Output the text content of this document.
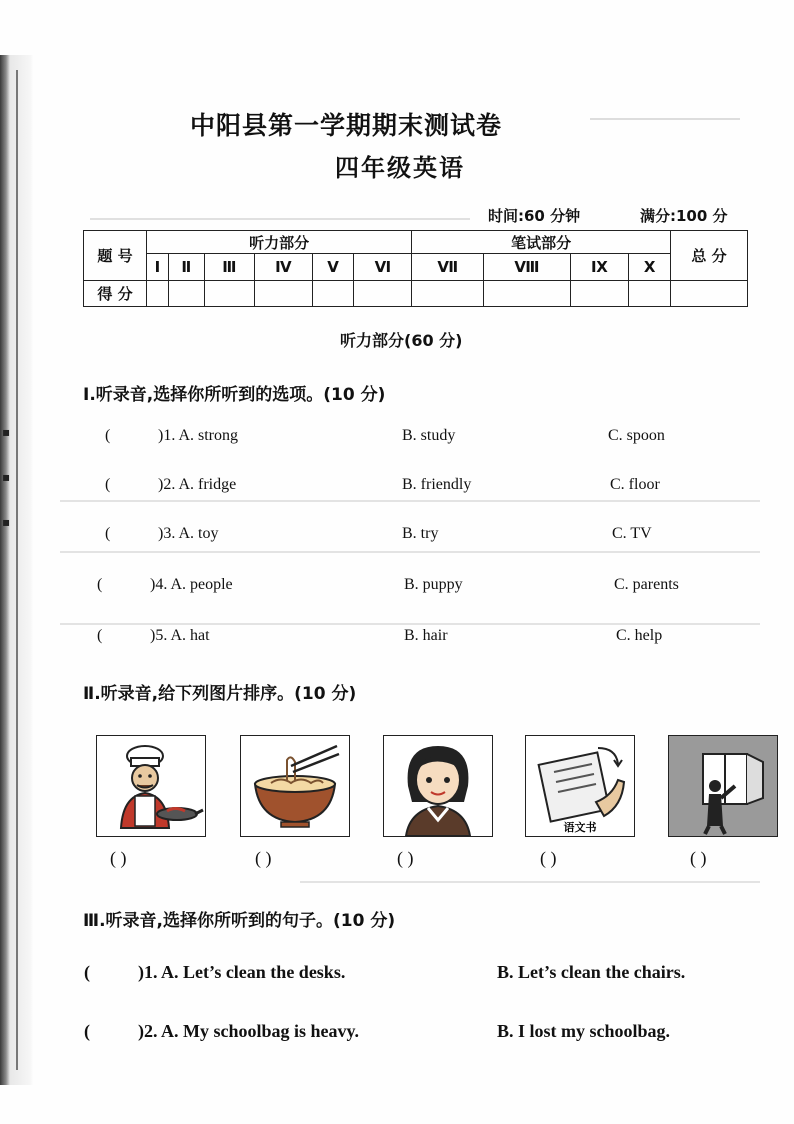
▪
▪
▪
中阳县第一学期期末测试卷
四年级英语
时间:60 分钟	满分:100 分
题 号	听力部分						笔试部分				总 分
	Ⅰ	Ⅱ	Ⅲ	Ⅳ	Ⅴ	Ⅵ	Ⅶ	Ⅷ	Ⅸ	Ⅹ	
得 分											
听力部分(60 分)
Ⅰ.听录音,选择你所听到的选项。(10 分)
(	)1. A. strong	B. study	C. spoon
(	)2. A. fridge	B. friendly	C. floor
(	)3. A. toy	B. try	C. TV
(	)4. A. people	B. puppy	C. parents
(	)5. A. hat	B. hair	C. help
Ⅱ.听录音,给下列图片排序。(10 分)
语文书
( )	( )	( )	( )	( )
Ⅲ.听录音,选择你所听到的句子。(10 分)
(	)1. A. Let’s clean the desks.	B. Let’s clean the chairs.
(	)2. A. My schoolbag is heavy.	B. I lost my schoolbag.
